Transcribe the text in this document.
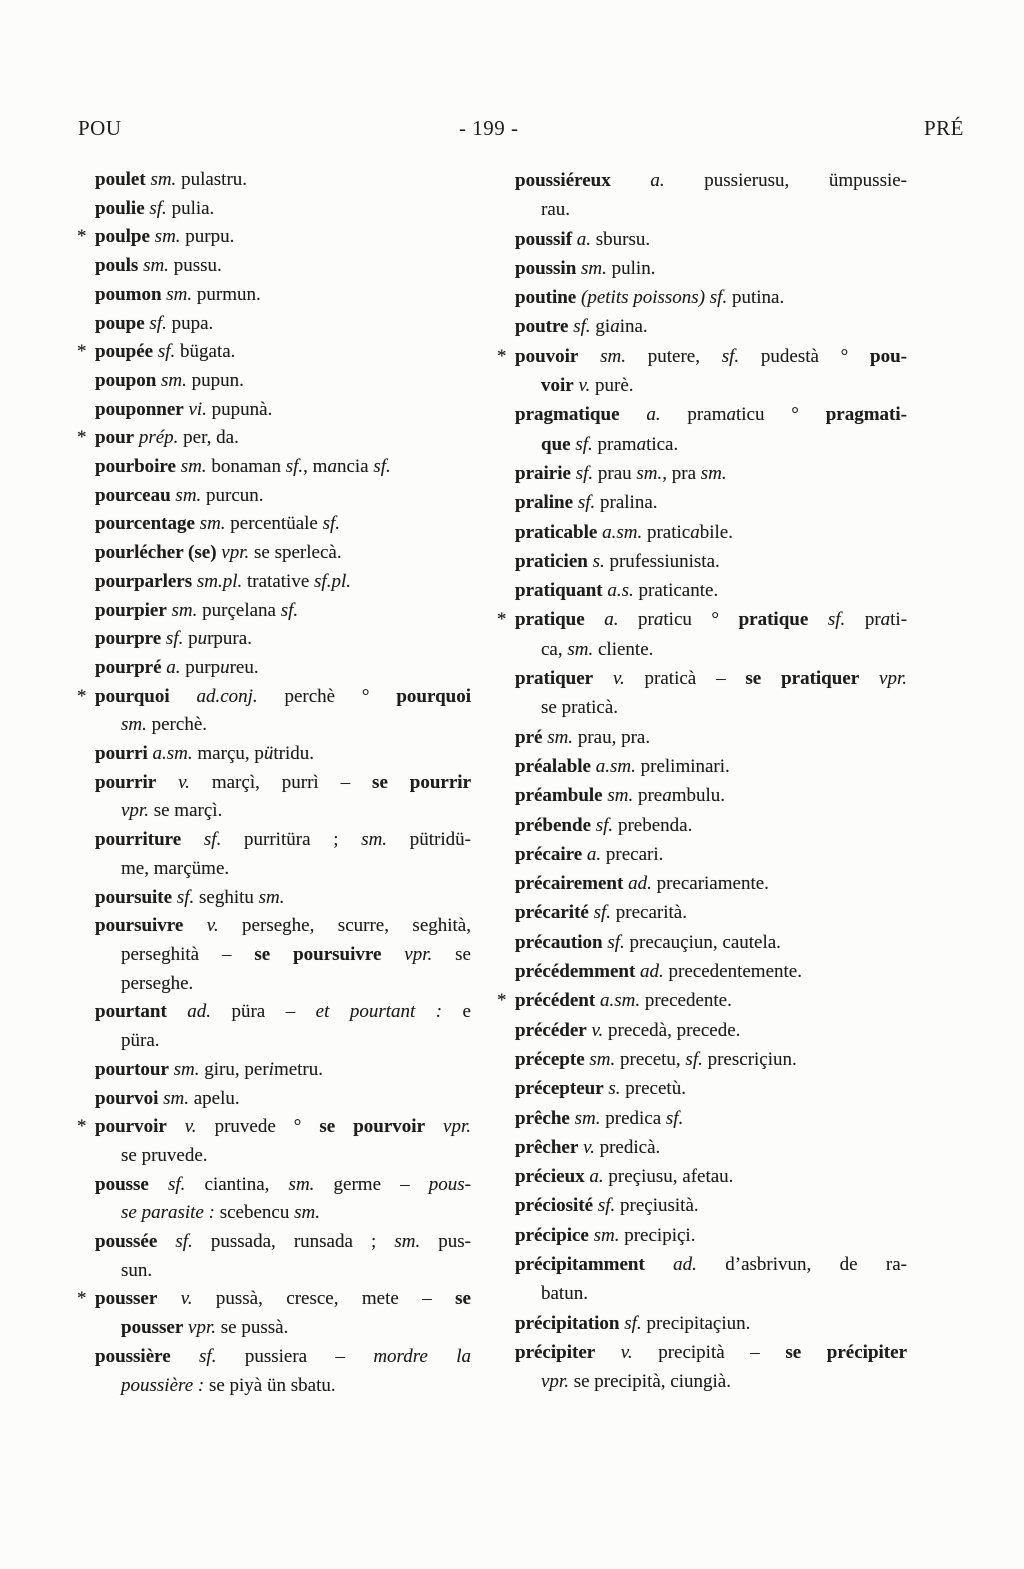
POU	- 199 -	PRÉ

poulet sm. pulastru.

poulie sf. pulia.

* poulpe sm. purpu.

pouls sm. pussu.

poumon sm. purmun.

poupe sf. pupa.

* poupée sf. bügata.

poupon sm. pupun.

pouponner vi. pupunà.

* pour prép. per, da.

pourboire sm. bonaman sf., mancia sf.

pourceau sm. purcun.

pourcentage sm. percentüale sf.

pourlécher (se) vpr. se sperlecà.

pourparlers sm.pl. tratative sf.pl.

pourpier sm. purçelana sf.

pourpre sf. purpura.

pourpré a. purpureu.

* pourquoi ad.conj. perchè ° pourquoi
sm. perchè.

pourri a.sm. marçu, pütridu.

pourrir v. marçì, purrì – se pourrir
vpr. se marçì.

pourriture sf. purritüra ; sm. pütridü-
me, marçüme.

poursuite sf. seghitu sm.

poursuivre v. perseghe, scurre, seghità,
perseghità – se poursuivre vpr. se
perseghe.

pourtant ad. püra – et pourtant : e
püra.

pourtour sm. giru, perimetru.

pourvoi sm. apelu.

* pourvoir v. pruvede ° se pourvoir vpr.
se pruvede.

pousse sf. ciantina, sm. germe – pous-
se parasite : scebencu sm.

poussée sf. pussada, runsada ; sm. pus-
sun.

* pousser v. pussà, cresce, mete – se
pousser vpr. se pussà.

poussière sf. pussiera – mordre la
poussière : se piyà ün sbatu.

poussiéreux a. pussierusu, ümpussie-
rau.

poussif a. sbursu.

poussin sm. pulin.

poutine (petits poissons) sf. putina.

poutre sf. giaina.

* pouvoir sm. putere, sf. pudestà ° pou-
voir v. purè.

pragmatique a. pramaticu ° pragmati-
que sf. pramatica.

prairie sf. prau sm., pra sm.

praline sf. pralina.

praticable a.sm. praticabile.

praticien s. prufessiunista.

pratiquant a.s. praticante.

* pratique a. praticu ° pratique sf. prati-
ca, sm. cliente.

pratiquer v. praticà – se pratiquer vpr.
se praticà.

pré sm. prau, pra.

préalable a.sm. preliminari.

préambule sm. preambulu.

prébende sf. prebenda.

précaire a. precari.

précairement ad. precariamente.

précarité sf. precarità.

précaution sf. precauçiun, cautela.

précédemment ad. precedentemente.

* précédent a.sm. precedente.

précéder v. precedà, precede.

précepte sm. precetu, sf. prescriçiun.

précepteur s. precetù.

prêche sm. predica sf.

prêcher v. predicà.

précieux a. preçiusu, afetau.

préciosité sf. preçiusità.

précipice sm. precipiçi.

précipitamment ad. d’asbrivun, de ra-
batun.

précipitation sf. precipitaçiun.

précipiter v. precipità – se précipiter
vpr. se precipità, ciungià.
